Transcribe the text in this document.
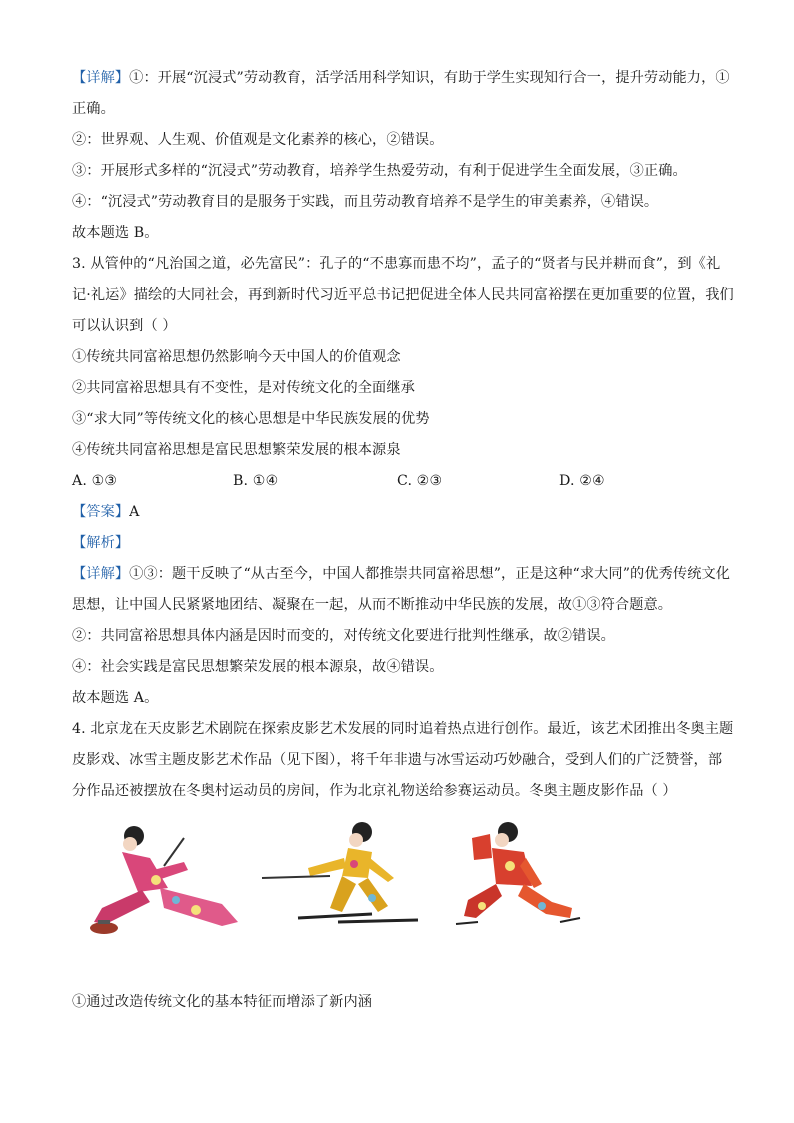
【详解】①：开展“沉浸式”劳动教育，活学活用科学知识，有助于学生实现知行合一，提升劳动能力，①
正确。
②：世界观、人生观、价值观是文化素养的核心，②错误。
③：开展形式多样的“沉浸式”劳动教育，培养学生热爱劳动，有利于促进学生全面发展，③正确。
④：“沉浸式”劳动教育目的是服务于实践，而且劳动教育培养不是学生的审美素养，④错误。
故本题选 B。
3. 从管仲的“凡治国之道，必先富民”：孔子的“不患寡而患不均”，孟子的“贤者与民并耕而食”，到《礼
记·礼运》描绘的大同社会，再到新时代习近平总书记把促进全体人民共同富裕摆在更加重要的位置，我们
可以认识到（ ）
①传统共同富裕思想仍然影响今天中国人的价值观念
②共同富裕思想具有不变性，是对传统文化的全面继承
③“求大同”等传统文化的核心思想是中华民族发展的优势
④传统共同富裕思想是富民思想繁荣发展的根本源泉
A. ①③	B. ①④	C. ②③	D. ②④
【答案】A
【解析】
【详解】①③：题干反映了“从古至今，中国人都推崇共同富裕思想”，正是这种“求大同”的优秀传统文化
思想，让中国人民紧紧地团结、凝聚在一起，从而不断推动中华民族的发展，故①③符合题意。
②：共同富裕思想具体内涵是因时而变的，对传统文化要进行批判性继承，故②错误。
④：社会实践是富民思想繁荣发展的根本源泉，故④错误。
故本题选 A。
4. 北京龙在天皮影艺术剧院在探索皮影艺术发展的同时追着热点进行创作。最近，该艺术团推出冬奥主题
皮影戏、冰雪主题皮影艺术作品（见下图），将千年非遗与冰雪运动巧妙融合，受到人们的广泛赞誉，部
分作品还被摆放在冬奥村运动员的房间，作为北京礼物送给参赛运动员。冬奥主题皮影作品（ ）
①通过改造传统文化的基本特征而增添了新内涵
